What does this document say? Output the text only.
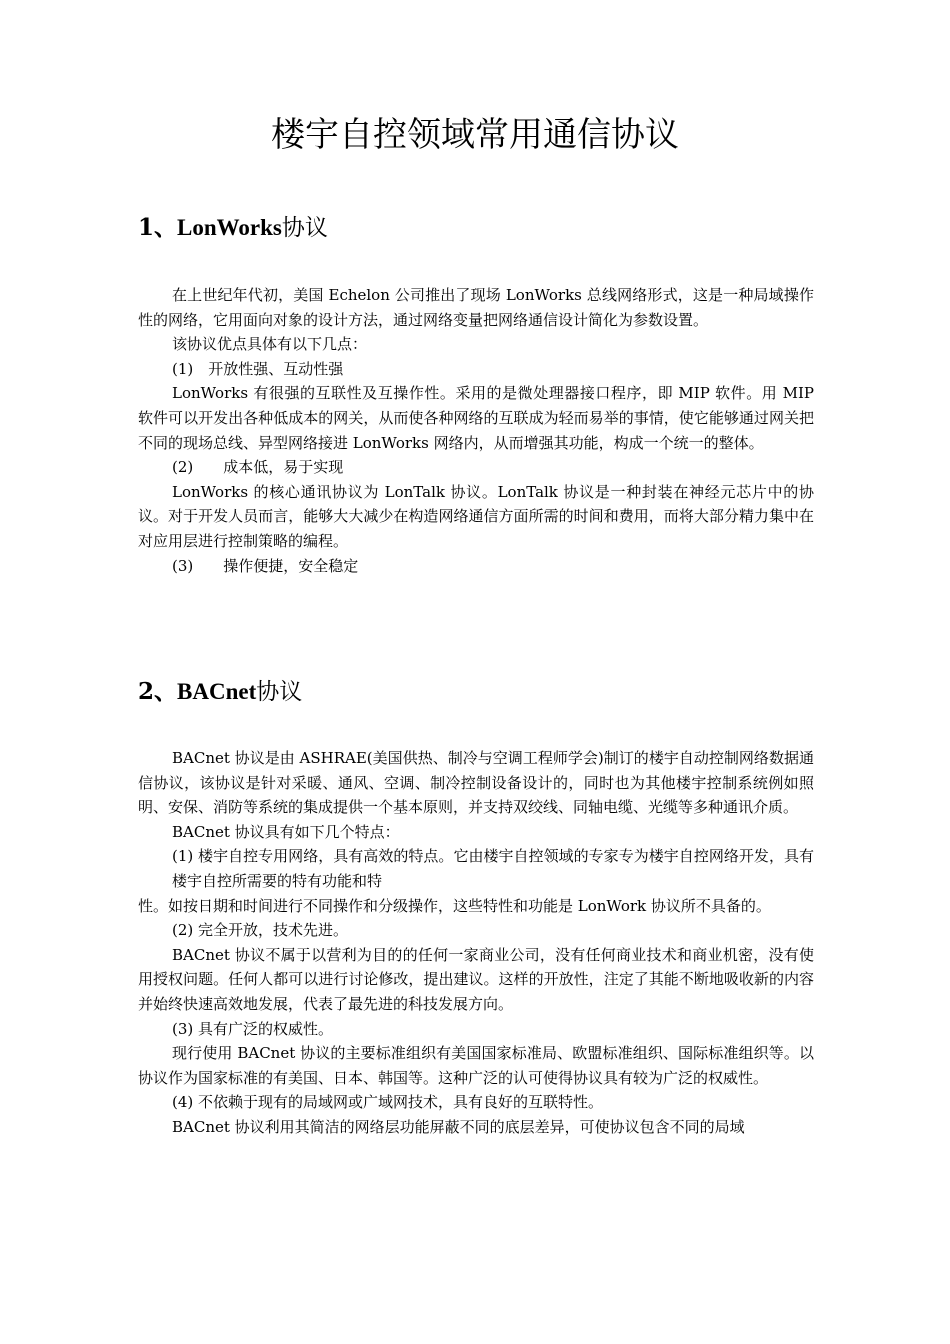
楼宇自控领域常用通信协议
1、LonWorks协议

在上世纪年代初，美国 Echelon 公司推出了现场 LonWorks 总线网络形式，这是一种局域操作性的网络，它用面向对象的设计方法，通过网络变量把网络通信设计简化为参数设置。

该协议优点具体有以下几点：

(1)　开放性强、互动性强

LonWorks 有很强的互联性及互操作性。采用的是微处理器接口程序，即 MIP 软件。用 MIP 软件可以开发出各种低成本的网关，从而使各种网络的互联成为轻而易举的事情，使它能够通过网关把不同的现场总线、异型网络接进 LonWorks 网络内，从而增强其功能，构成一个统一的整体。

(2)　　成本低，易于实现

LonWorks 的核心通讯协议为 LonTalk 协议。LonTalk 协议是一种封装在神经元芯片中的协议。对于开发人员而言，能够大大减少在构造网络通信方面所需的时间和费用，而将大部分精力集中在对应用层进行控制策略的编程。

(3)　　操作便捷，安全稳定

2、BACnet协议

BACnet 协议是由 ASHRAE(美国供热、制冷与空调工程师学会)制订的楼宇自动控制网络数据通信协议，该协议是针对采暖、通风、空调、制冷控制设备设计的，同时也为其他楼宇控制系统例如照明、安保、消防等系统的集成提供一个基本原则，并支持双绞线、同轴电缆、光缆等多种通讯介质。

BACnet 协议具有如下几个特点：

(1) 楼宇自控专用网络，具有高效的特点。它由楼宇自控领域的专家专为楼宇自控网络开发，具有楼宇自控所需要的特有功能和特

性。如按日期和时间进行不同操作和分级操作，这些特性和功能是 LonWork 协议所不具备的。

(2) 完全开放，技术先进。

BACnet 协议不属于以营利为目的的任何一家商业公司，没有任何商业技术和商业机密，没有使用授权问题。任何人都可以进行讨论修改，提出建议。这样的开放性，注定了其能不断地吸收新的内容并始终快速高效地发展，代表了最先进的科技发展方向。

(3) 具有广泛的权威性。

现行使用 BACnet 协议的主要标准组织有美国国家标准局、欧盟标准组织、国际标准组织等。以协议作为国家标准的有美国、日本、韩国等。这种广泛的认可使得协议具有较为广泛的权威性。

(4) 不依赖于现有的局域网或广域网技术，具有良好的互联特性。

BACnet 协议利用其简洁的网络层功能屏蔽不同的底层差异，可使协议包含不同的局域
